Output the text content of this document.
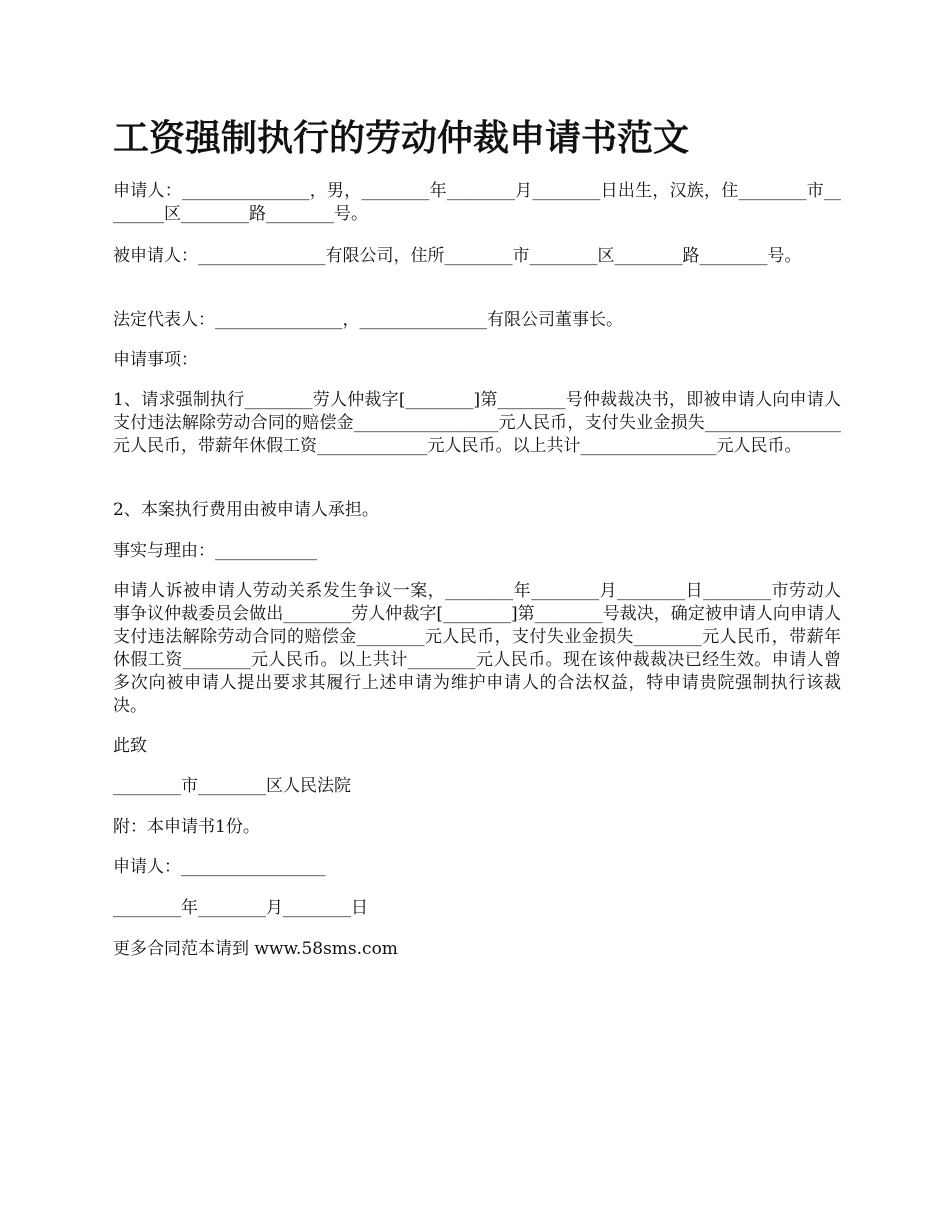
工资强制执行的劳动仲裁申请书范文

申请人：_______________，男，________年________月________日出生，汉族，住________市________区________路________号。

被申请人：_______________有限公司，住所________市________区________路________号。

法定代表人：_______________，_______________有限公司董事长。

申请事项：

1、请求强制执行________劳人仲裁字[________]第________号仲裁裁决书，即被申请人向申请人支付违法解除劳动合同的赔偿金_________________元人民币，支付失业金损失________________元人民币，带薪年休假工资_____________元人民币。以上共计________________元人民币。

2、本案执行费用由被申请人承担。

事实与理由：____________

申请人诉被申请人劳动关系发生争议一案，________年________月________日________市劳动人事争议仲裁委员会做出________劳人仲裁字[________]第________号裁决，确定被申请人向申请人支付违法解除劳动合同的赔偿金________元人民币，支付失业金损失________元人民币，带薪年休假工资________元人民币。以上共计________元人民币。现在该仲裁裁决已经生效。申请人曾多次向被申请人提出要求其履行上述申请为维护申请人的合法权益，特申请贵院强制执行该裁决。

此致

________市________区人民法院

附：本申请书1份。

申请人：_________________

________年________月________日

更多合同范本请到 www.58sms.com
